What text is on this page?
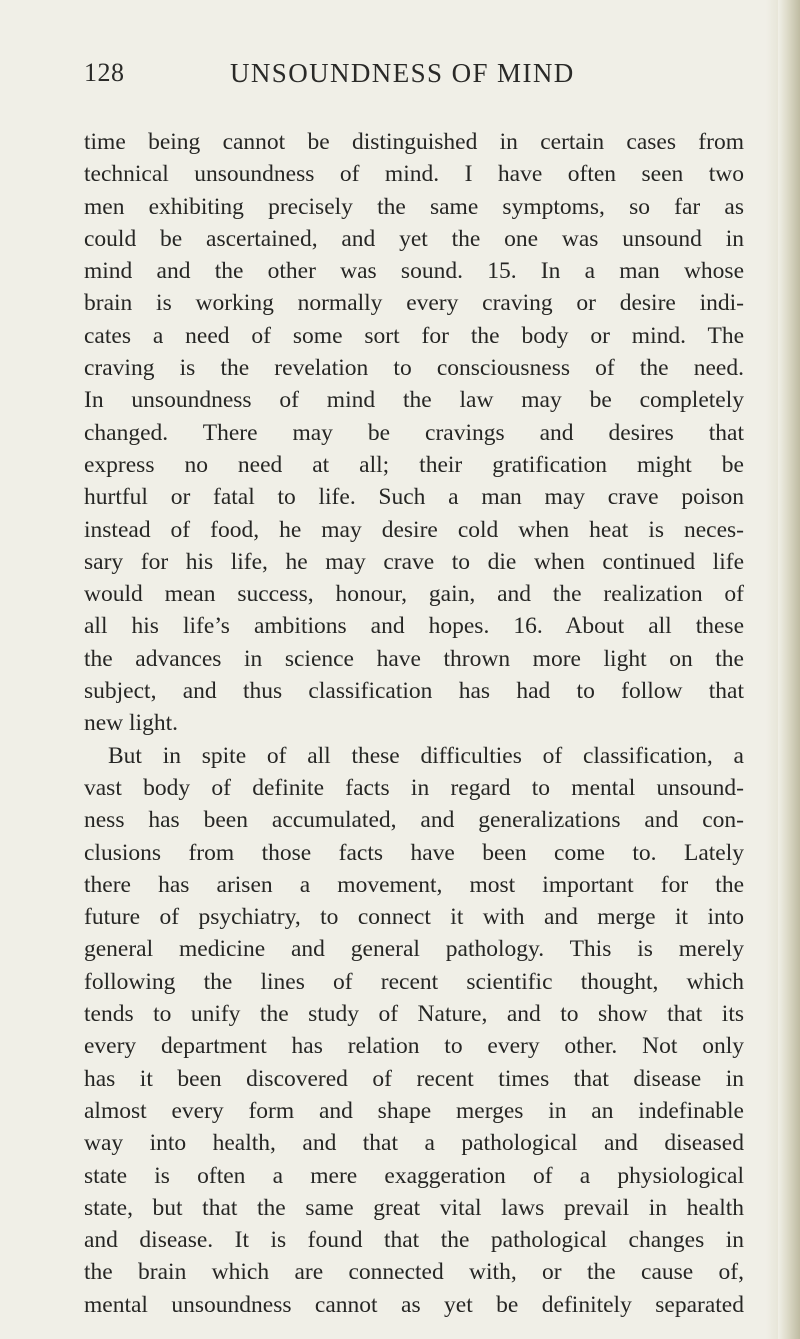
128	UNSOUNDNESS OF MIND
time being cannot be distinguished in certain cases from
technical unsoundness of mind. I have often seen two
men exhibiting precisely the same symptoms, so far as
could be ascertained, and yet the one was unsound in
mind and the other was sound. 15. In a man whose
brain is working normally every craving or desire indi-
cates a need of some sort for the body or mind. The
craving is the revelation to consciousness of the need.
In unsoundness of mind the law may be completely
changed. There may be cravings and desires that
express no need at all; their gratification might be
hurtful or fatal to life. Such a man may crave poison
instead of food, he may desire cold when heat is neces-
sary for his life, he may crave to die when continued life
would mean success, honour, gain, and the realization of
all his life’s ambitions and hopes. 16. About all these
the advances in science have thrown more light on the
subject, and thus classification has had to follow that
new light.
But in spite of all these difficulties of classification, a
vast body of definite facts in regard to mental unsound-
ness has been accumulated, and generalizations and con-
clusions from those facts have been come to. Lately
there has arisen a movement, most important for the
future of psychiatry, to connect it with and merge it into
general medicine and general pathology. This is merely
following the lines of recent scientific thought, which
tends to unify the study of Nature, and to show that its
every department has relation to every other. Not only
has it been discovered of recent times that disease in
almost every form and shape merges in an indefinable
way into health, and that a pathological and diseased
state is often a mere exaggeration of a physiological
state, but that the same great vital laws prevail in health
and disease. It is found that the pathological changes in
the brain which are connected with, or the cause of,
mental unsoundness cannot as yet be definitely separated
